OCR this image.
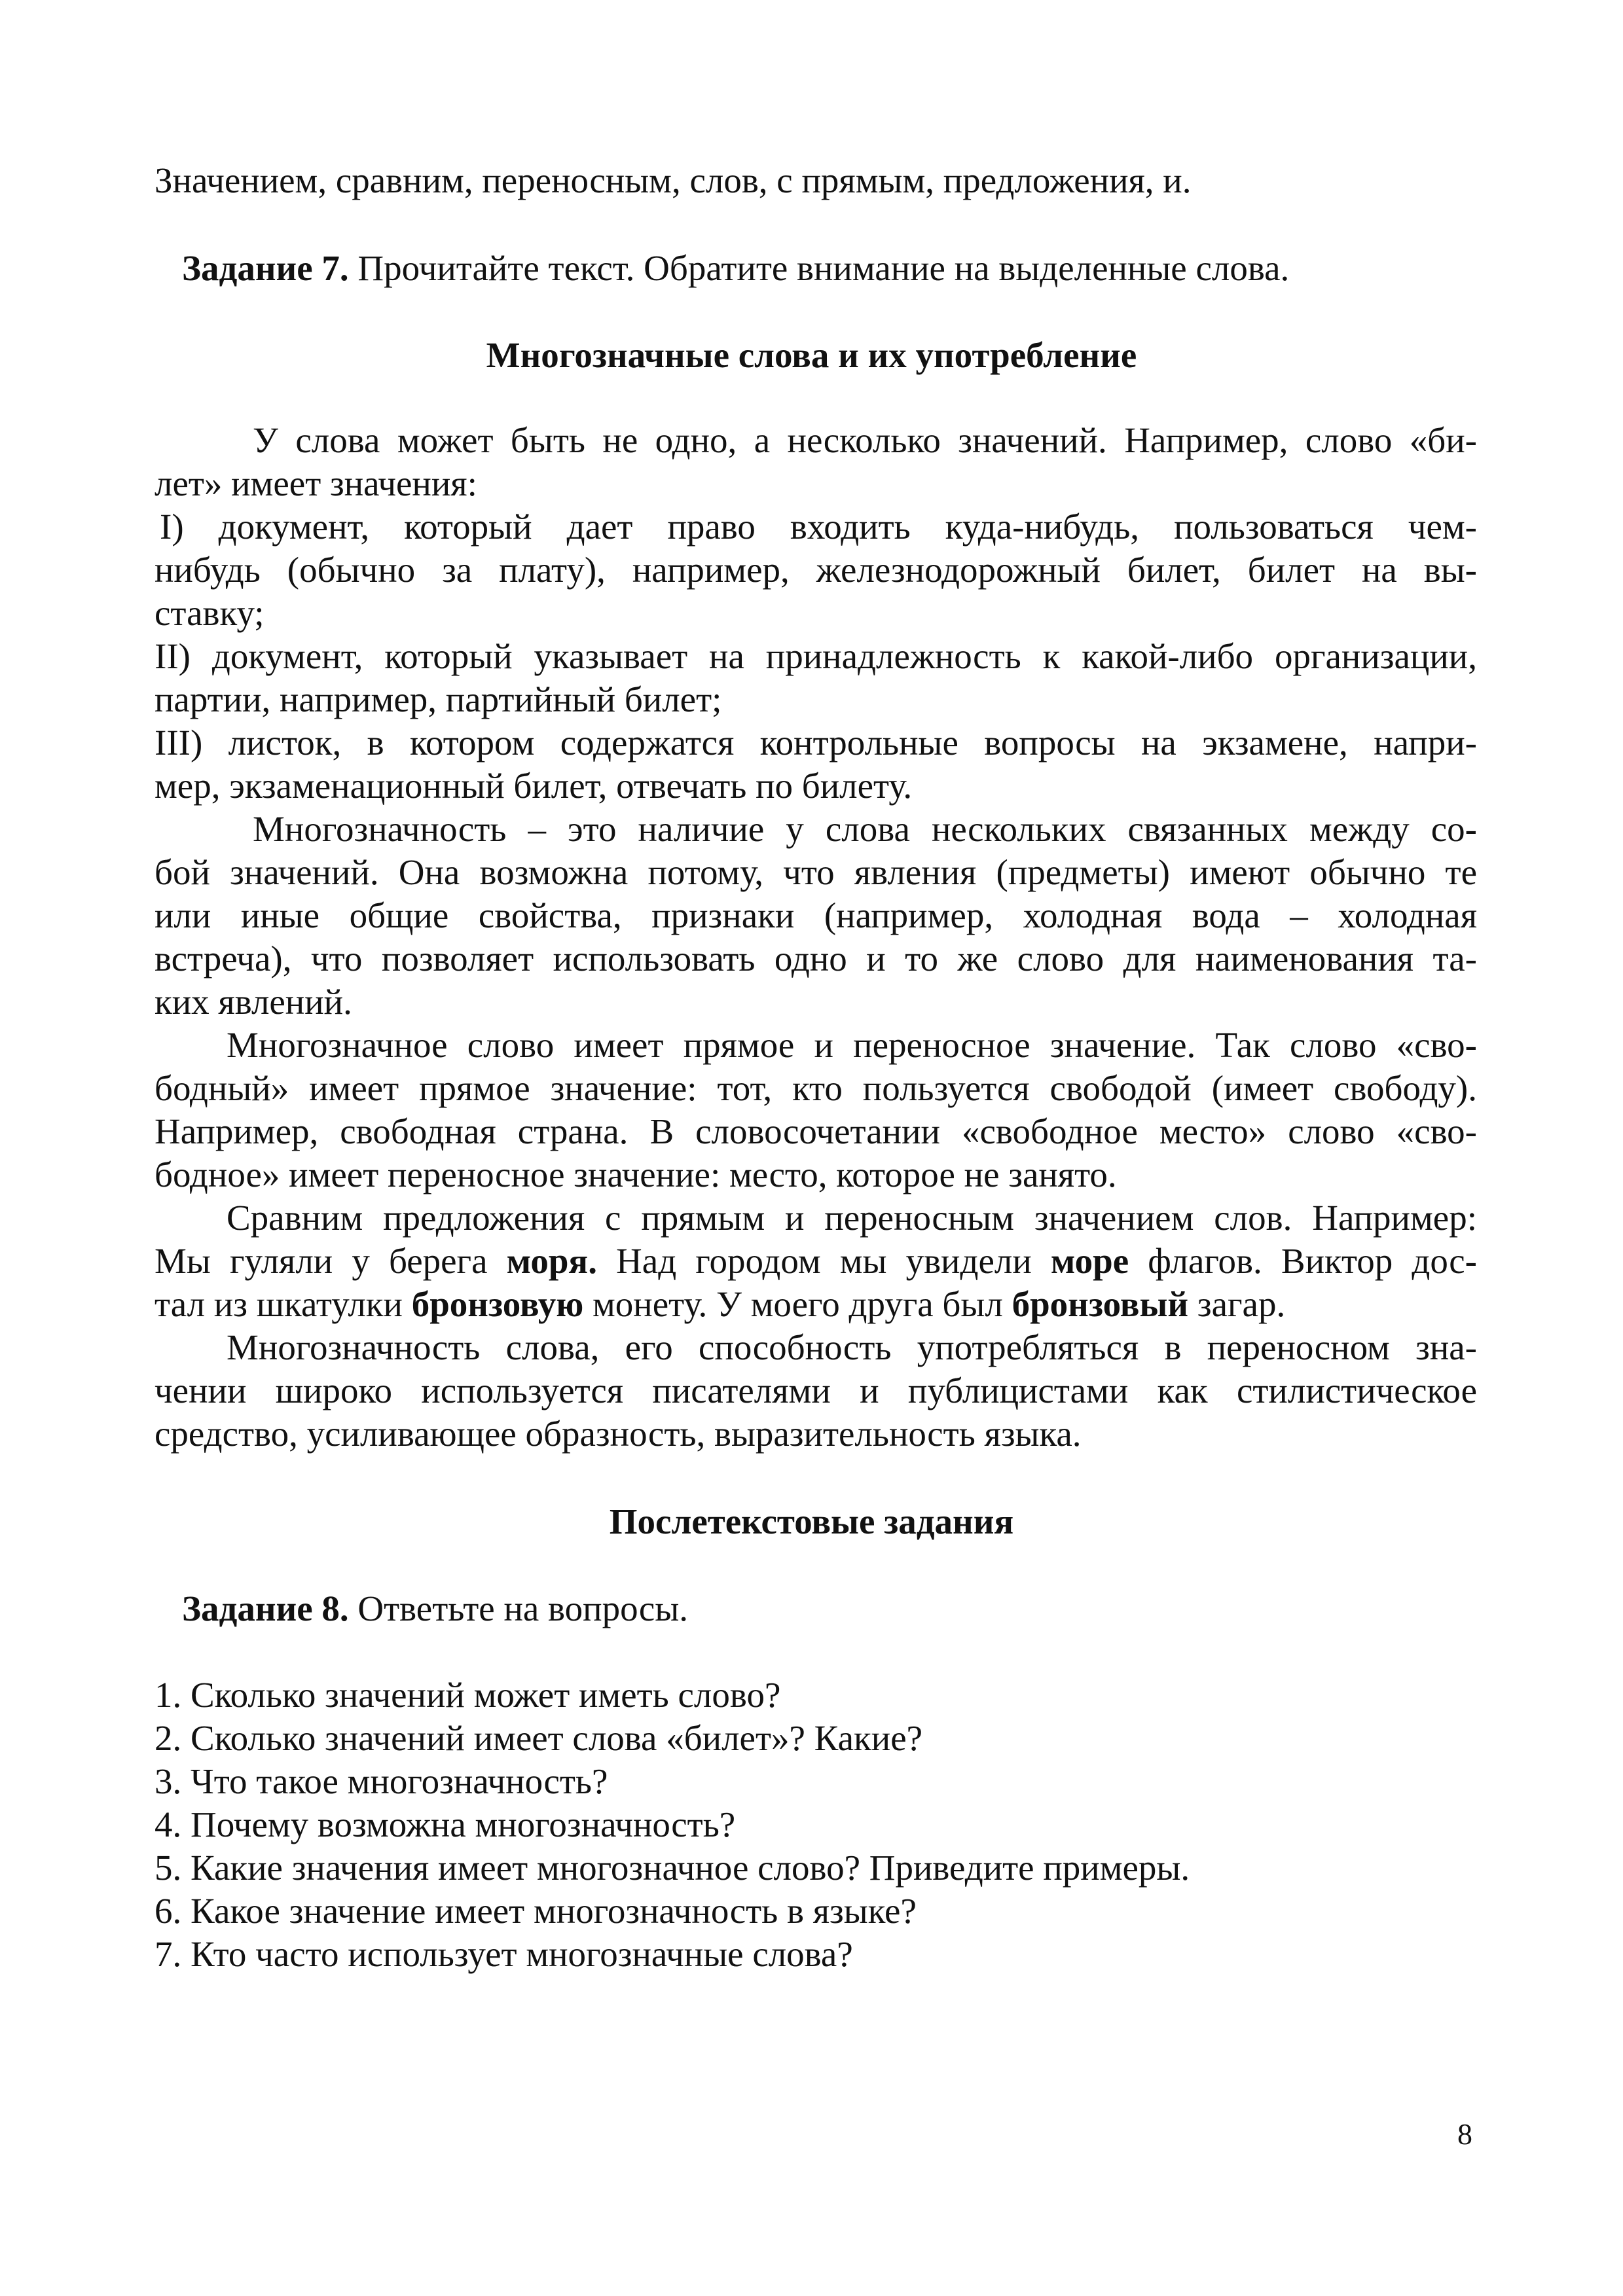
Значением, сравним, переносным, слов, с прямым, предложения, и.
Задание 7. Прочитайте текст. Обратите внимание на выделенные слова.
Многозначные слова и их употребление
У слова может быть не одно, а несколько значений. Например, слово «би-
лет» имеет значения:
I) документ, который дает право входить куда-нибудь, пользоваться чем-
нибудь (обычно за плату), например, железнодорожный билет, билет на вы-
ставку;
II) документ, который указывает на принадлежность к какой-либо организации,
партии, например, партийный билет;
III) листок, в котором содержатся контрольные вопросы на экзамене, напри-
мер, экзаменационный билет, отвечать по билету.
Многозначность – это наличие у слова нескольких связанных между со-
бой значений. Она возможна потому, что явления (предметы) имеют обычно те
или иные общие свойства, признаки (например, холодная вода – холодная
встреча), что позволяет использовать одно и то же слово для наименования та-
ких явлений.
Многозначное слово имеет прямое и переносное значение. Так слово «сво-
бодный» имеет прямое значение: тот, кто пользуется свободой (имеет свободу).
Например, свободная страна. В словосочетании «свободное место» слово «сво-
бодное» имеет переносное значение: место, которое не занято.
Сравним предложения с прямым и переносным значением слов. Например:
Мы гуляли у берега моря. Над городом мы увидели море флагов. Виктор дос-
тал из шкатулки бронзовую монету. У моего друга был бронзовый загар.
Многозначность слова, его способность употребляться в переносном зна-
чении широко используется писателями и публицистами как стилистическое
средство, усиливающее образность, выразительность языка.
Послетекстовые задания
Задание 8. Ответьте на вопросы.
1. Сколько значений может иметь слово?
2. Сколько значений имеет слова «билет»? Какие?
3. Что такое многозначность?
4. Почему возможна многозначность?
5. Какие значения имеет многозначное слово? Приведите примеры.
6. Какое значение имеет многозначность в языке?
7. Кто часто использует многозначные слова?
8
